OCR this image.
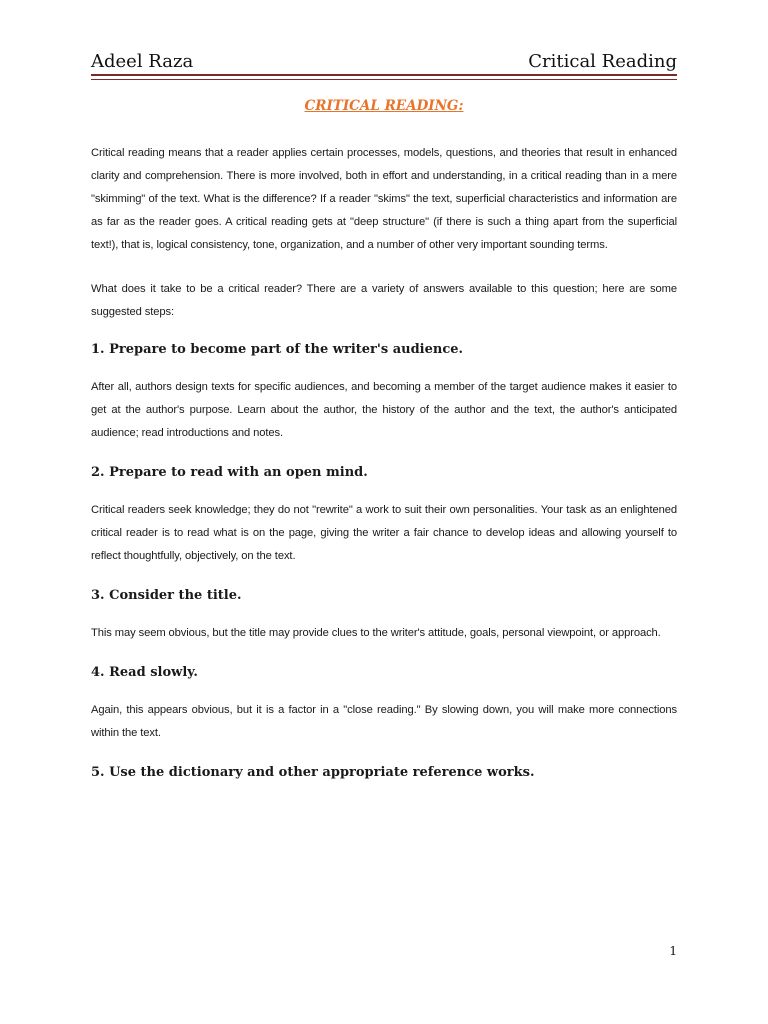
Adeel Raza	Critical Reading
CRITICAL READING:

Critical reading means that a reader applies certain processes, models, questions, and theories that result in enhanced clarity and comprehension. There is more involved, both in effort and understanding, in a critical reading than in a mere "skimming" of the text. What is the difference? If a reader "skims" the text, superficial characteristics and information are as far as the reader goes. A critical reading gets at "deep structure" (if there is such a thing apart from the superficial text!), that is, logical consistency, tone, organization, and a number of other very important sounding terms.

What does it take to be a critical reader? There are a variety of answers available to this question; here are some suggested steps:

1. Prepare to become part of the writer's audience.

After all, authors design texts for specific audiences, and becoming a member of the target audience makes it easier to get at the author's purpose. Learn about the author, the history of the author and the text, the author's anticipated audience; read introductions and notes.

2. Prepare to read with an open mind.

Critical readers seek knowledge; they do not "rewrite" a work to suit their own personalities. Your task as an enlightened critical reader is to read what is on the page, giving the writer a fair chance to develop ideas and allowing yourself to reflect thoughtfully, objectively, on the text.

3. Consider the title.

This may seem obvious, but the title may provide clues to the writer's attitude, goals, personal viewpoint, or approach.

4. Read slowly.

Again, this appears obvious, but it is a factor in a "close reading." By slowing down, you will make more connections within the text.

5. Use the dictionary and other appropriate reference works.
1
